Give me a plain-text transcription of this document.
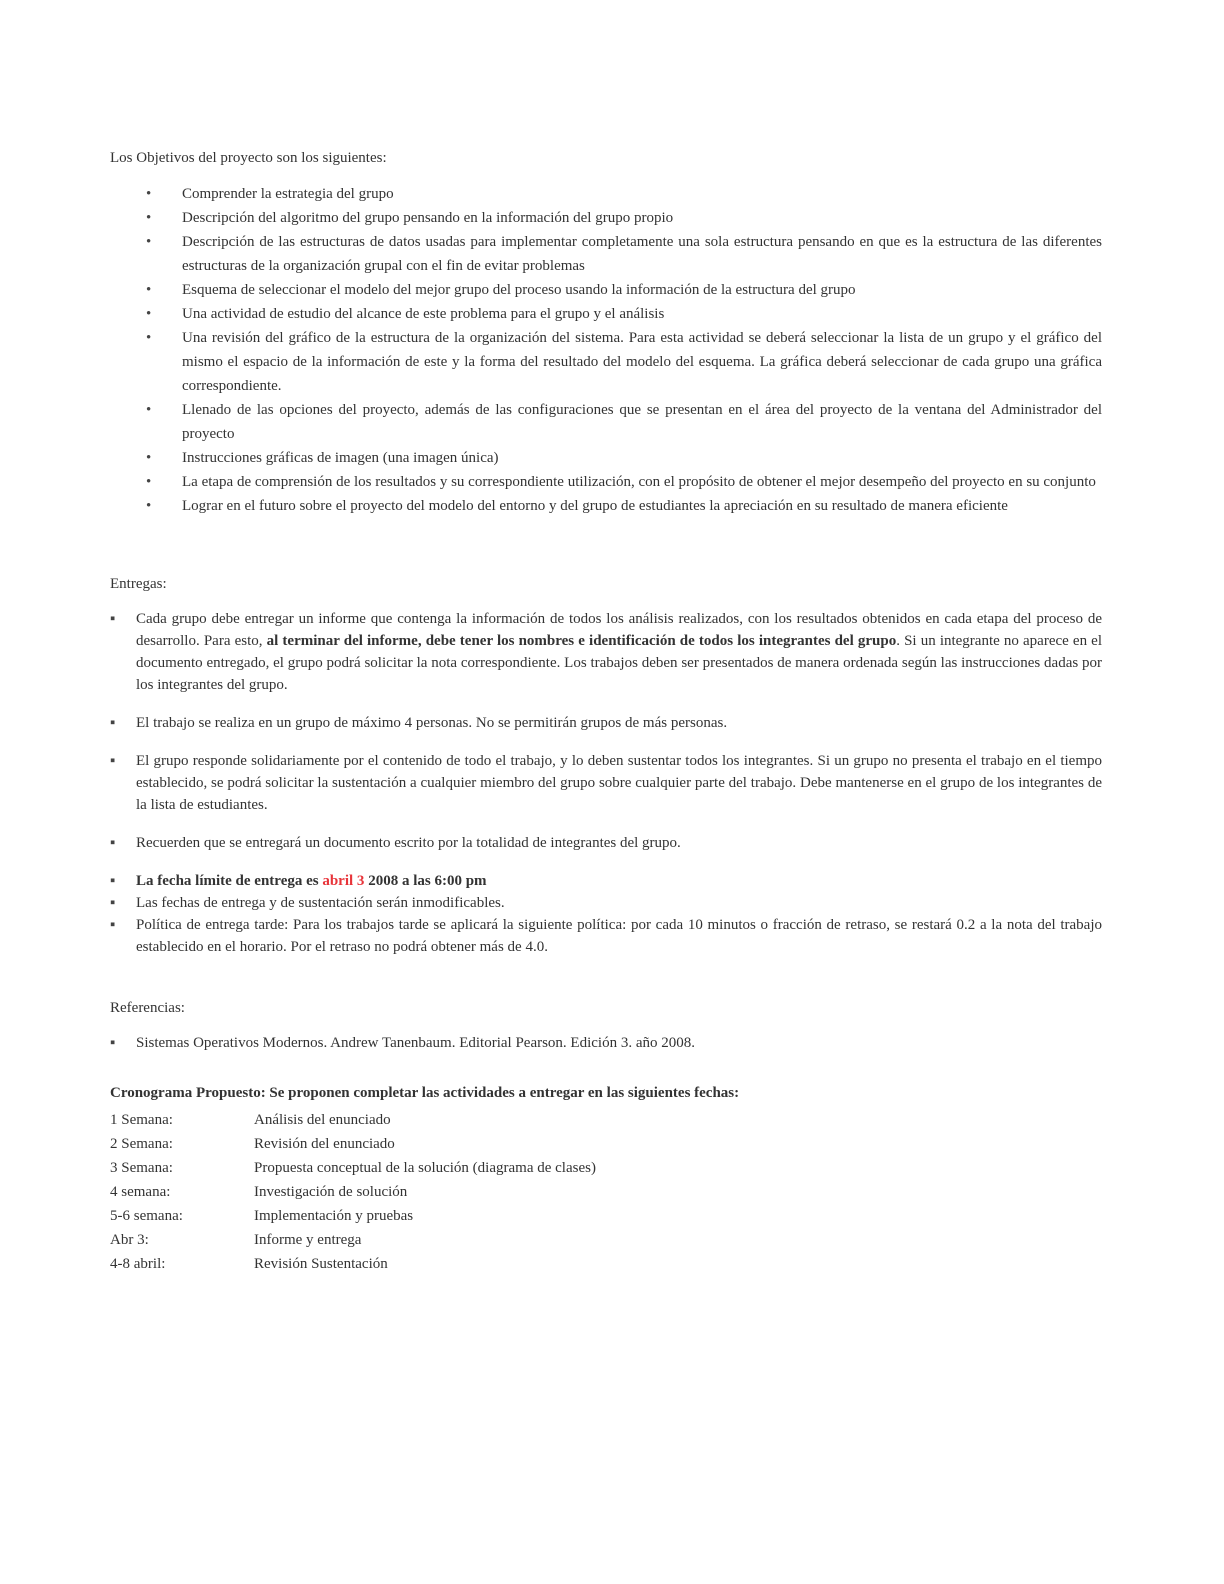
Los Objetivos del proyecto son los siguientes:

• Comprender la estrategia del grupo
• Descripción del algoritmo del grupo pensando en la información del grupo propio
• Descripción de las estructuras de datos usadas para implementar completamente una sola estructura pensando en que es la estructura de las diferentes estructuras de la organización grupal con el fin de evitar problemas
• Esquema de seleccionar el modelo del mejor grupo del proceso usando la información de la estructura del grupo
• Una actividad de estudio del alcance de este problema para el grupo y el análisis
• Una revisión del gráfico de la estructura de la organización del sistema. Para esta actividad se deberá seleccionar la lista de un grupo y el gráfico del mismo el espacio de la información de este y la forma del resultado del modelo del esquema. La gráfica deberá seleccionar de cada grupo una gráfica correspondiente.
• Llenado de las opciones del proyecto, además de las configuraciones que se presentan en el área del proyecto de la ventana del Administrador del proyecto
• Instrucciones gráficas de imagen (una imagen única)
• La etapa de comprensión de los resultados y su correspondiente utilización, con el propósito de obtener el mejor desempeño del proyecto en su conjunto
• Lograr en el futuro sobre el proyecto del modelo del entorno y del grupo de estudiantes la apreciación en su resultado de manera eficiente

Entregas:

▪ Cada grupo debe entregar un informe que contenga la información de todos los análisis realizados, con los resultados obtenidos en cada etapa del proceso de desarrollo. Para esto, al terminar del informe, debe tener los nombres e identificación de todos los integrantes del grupo. Si un integrante no aparece en el documento entregado, el grupo podrá solicitar la nota correspondiente. Los trabajos deben ser presentados de manera ordenada según las instrucciones dadas por los integrantes del grupo.
▪ El trabajo se realiza en un grupo de máximo 4 personas. No se permitirán grupos de más personas.
▪ El grupo responde solidariamente por el contenido de todo el trabajo, y lo deben sustentar todos los integrantes. Si un grupo no presenta el trabajo en el tiempo establecido, se podrá solicitar la sustentación a cualquier miembro del grupo sobre cualquier parte del trabajo. Debe mantenerse en el grupo de los integrantes de la lista de estudiantes.
▪ Recuerden que se entregará un documento escrito por la totalidad de integrantes del grupo.
▪ La fecha límite de entrega es abril 3 2008 a las 6:00 pm
▪ Las fechas de entrega y de sustentación serán inmodificables.
▪ Política de entrega tarde: Para los trabajos tarde se aplicará la siguiente política: por cada 10 minutos o fracción de retraso, se restará 0.2 a la nota del trabajo establecido en el horario. Por el retraso no podrá obtener más de 4.0.

Referencias:

▪ Sistemas Operativos Modernos. Andrew Tanenbaum. Editorial Pearson. Edición 3. año 2008.

Cronograma Propuesto: Se proponen completar las actividades a entregar en las siguientes fechas:

1 Semana:	Análisis del enunciado
2 Semana:	Revisión del enunciado
3 Semana:	Propuesta conceptual de la solución (diagrama de clases)
4 semana:	Investigación de solución
5-6 semana:	Implementación y pruebas
Abr 3:	Informe y entrega
4-8 abril:	Revisión Sustentación
